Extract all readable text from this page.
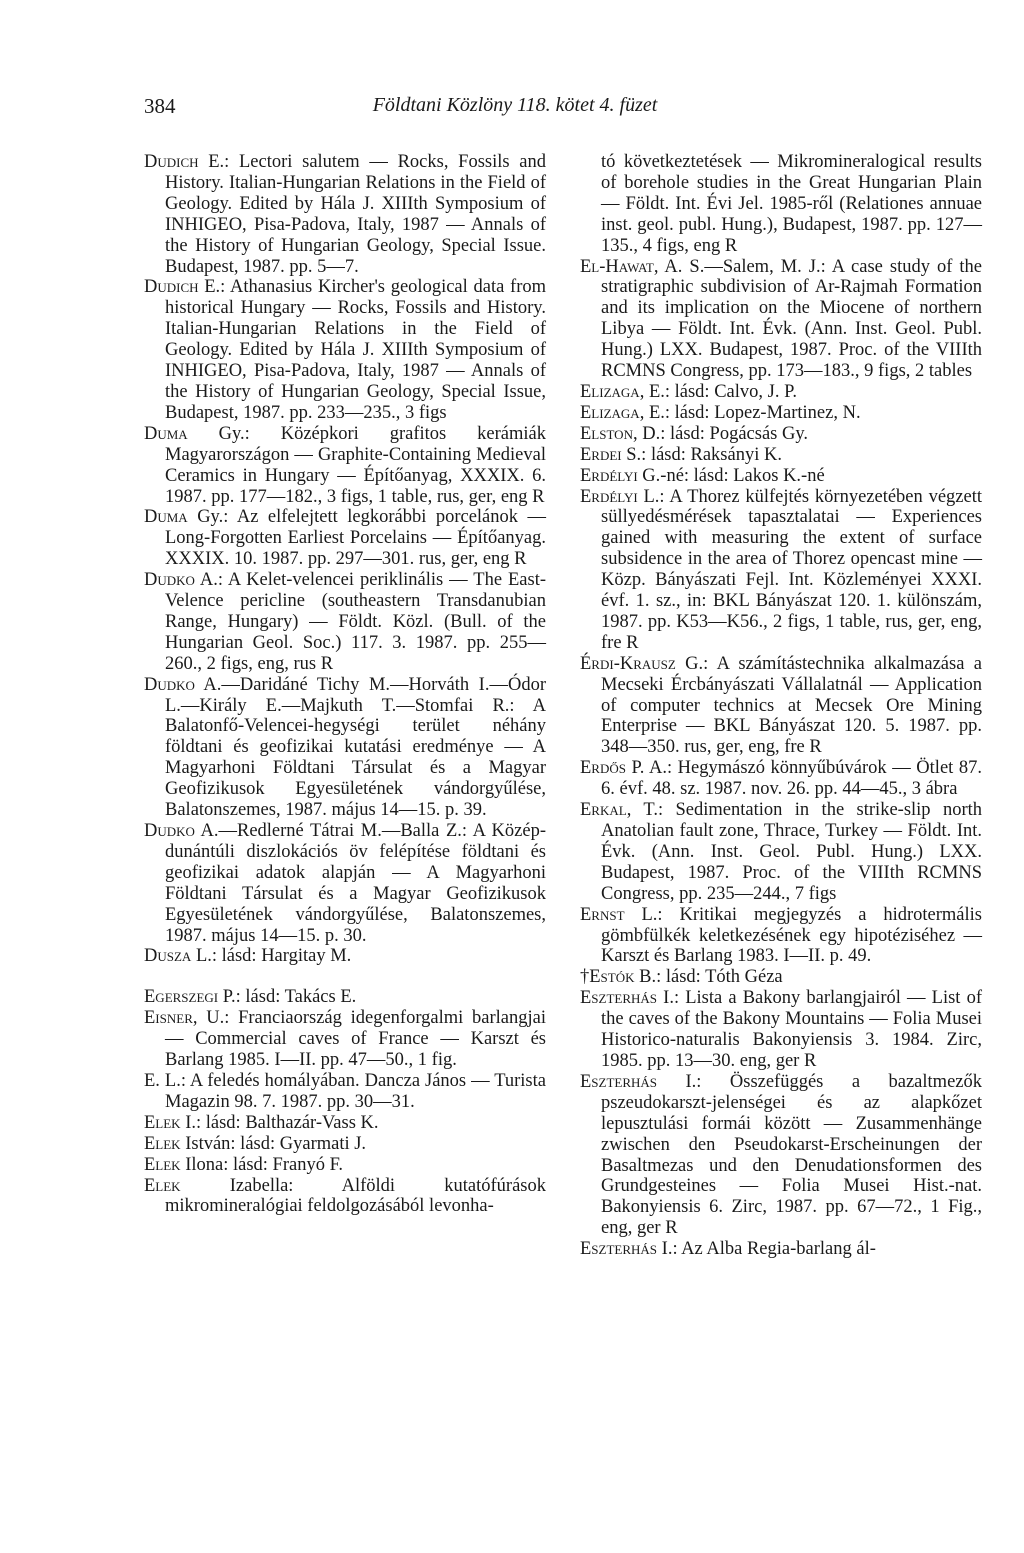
384	Földtani Közlöny 118. kötet 4. füzet
Dudich E.: Lectori salutem — Rocks, Fossils and History. Italian-Hungarian Relations in the Field of Geology. Edited by Hála J. XIIIth Symposium of INHIGEO, Pisa-Padova, Italy, 1987 — Annals of the History of Hungarian Geology, Special Issue. Budapest, 1987. pp. 5—7.
Dudich E.: Athanasius Kircher's geological data from historical Hungary — Rocks, Fossils and History. Italian-Hungarian Relations in the Field of Geology. Edited by Hála J. XIIIth Symposium of INHIGEO, Pisa-Padova, Italy, 1987 — Annals of the History of Hungarian Geology, Special Issue, Budapest, 1987. pp. 233—235., 3 figs
Duma Gy.: Középkori grafitos kerámiák Magyarországon — Graphite-Containing Medieval Ceramics in Hungary — Építőanyag, XXXIX. 6. 1987. pp. 177—182., 3 figs, 1 table, rus, ger, eng R
Duma Gy.: Az elfelejtett legkorábbi porcelánok — Long-Forgotten Earliest Porcelains — Építőanyag. XXXIX. 10. 1987. pp. 297—301. rus, ger, eng R
Dudko A.: A Kelet-velencei periklinális — The East-Velence pericline (southeastern Transdanubian Range, Hungary) — Földt. Közl. (Bull. of the Hungarian Geol. Soc.) 117. 3. 1987. pp. 255—260., 2 figs, eng, rus R
Dudko A.—Daridáné Tichy M.—Horváth I.—Ódor L.—Király E.—Majkuth T.—Stomfai R.: A Balatonfő-Velencei-hegységi terület néhány földtani és geofizikai kutatási eredménye — A Magyarhoni Földtani Társulat és a Magyar Geofizikusok Egyesületének vándorgyűlése, Balatonszemes, 1987. május 14—15. p. 39.
Dudko A.—Redlerné Tátrai M.—Balla Z.: A Közép-dunántúli diszlokációs öv felépítése földtani és geofizikai adatok alapján — A Magyarhoni Földtani Társulat és a Magyar Geofizikusok Egyesületének vándorgyűlése, Balatonszemes, 1987. május 14—15. p. 30.
Dusza L.: lásd: Hargitay M.
Egerszegi P.: lásd: Takács E.
Eisner, U.: Franciaország idegenforgalmi barlangjai — Commercial caves of France — Karszt és Barlang 1985. I—II. pp. 47—50., 1 fig.
E. L.: A feledés homályában. Dancza János — Turista Magazin 98. 7. 1987. pp. 30—31.
Elek I.: lásd: Balthazár-Vass K.
Elek István: lásd: Gyarmati J.
Elek Ilona: lásd: Franyó F.
Elek Izabella: Alföldi kutatófúrások mikromineralógiai feldolgozásából levonha-
tó következtetések — Mikromineralogical results of borehole studies in the Great Hungarian Plain — Földt. Int. Évi Jel. 1985-ről (Relationes annuae inst. geol. publ. Hung.), Budapest, 1987. pp. 127—135., 4 figs, eng R
El-Hawat, A. S.—Salem, M. J.: A case study of the stratigraphic subdivision of Ar-Rajmah Formation and its implication on the Miocene of northern Libya — Földt. Int. Évk. (Ann. Inst. Geol. Publ. Hung.) LXX. Budapest, 1987. Proc. of the VIIIth RCMNS Congress, pp. 173—183., 9 figs, 2 tables
Elizaga, E.: lásd: Calvo, J. P.
Elizaga, E.: lásd: Lopez-Martinez, N.
Elston, D.: lásd: Pogácsás Gy.
Erdei S.: lásd: Raksányi K.
Erdélyi G.-né: lásd: Lakos K.-né
Erdélyi L.: A Thorez külfejtés környezetében végzett süllyedésmérések tapasztalatai — Experiences gained with measuring the extent of surface subsidence in the area of Thorez opencast mine — Közp. Bányászati Fejl. Int. Közleményei XXXI. évf. 1. sz., in: BKL Bányászat 120. 1. különszám, 1987. pp. K53—K56., 2 figs, 1 table, rus, ger, eng, fre R
Érdi-Krausz G.: A számítástechnika alkalmazása a Mecseki Ércbányászati Vállalatnál — Application of computer technics at Mecsek Ore Mining Enterprise — BKL Bányászat 120. 5. 1987. pp. 348—350. rus, ger, eng, fre R
Erdős P. A.: Hegymászó könnyűbúvárok — Ötlet 87. 6. évf. 48. sz. 1987. nov. 26. pp. 44—45., 3 ábra
Erkal, T.: Sedimentation in the strike-slip north Anatolian fault zone, Thrace, Turkey — Földt. Int. Évk. (Ann. Inst. Geol. Publ. Hung.) LXX. Budapest, 1987. Proc. of the VIIIth RCMNS Congress, pp. 235—244., 7 figs
Ernst L.: Kritikai megjegyzés a hidrotermális gömbfülkék keletkezésének egy hipotéziséhez — Karszt és Barlang 1983. I—II. p. 49.
†Estók B.: lásd: Tóth Géza
Eszterhás I.: Lista a Bakony barlangjairól — List of the caves of the Bakony Mountains — Folia Musei Historico-naturalis Bakonyiensis 3. 1984. Zirc, 1985. pp. 13—30. eng, ger R
Eszterhás I.: Összefüggés a bazaltmezők pszeudokarszt-jelenségei és az alapkőzet lepusztulási formái között — Zusammenhänge zwischen den Pseudokarst-Erscheinungen der Basaltmezas und den Denudationsformen des Grundgesteines — Folia Musei Hist.-nat. Bakonyiensis 6. Zirc, 1987. pp. 67—72., 1 Fig., eng, ger R
Eszterhás I.: Az Alba Regia-barlang ál-
